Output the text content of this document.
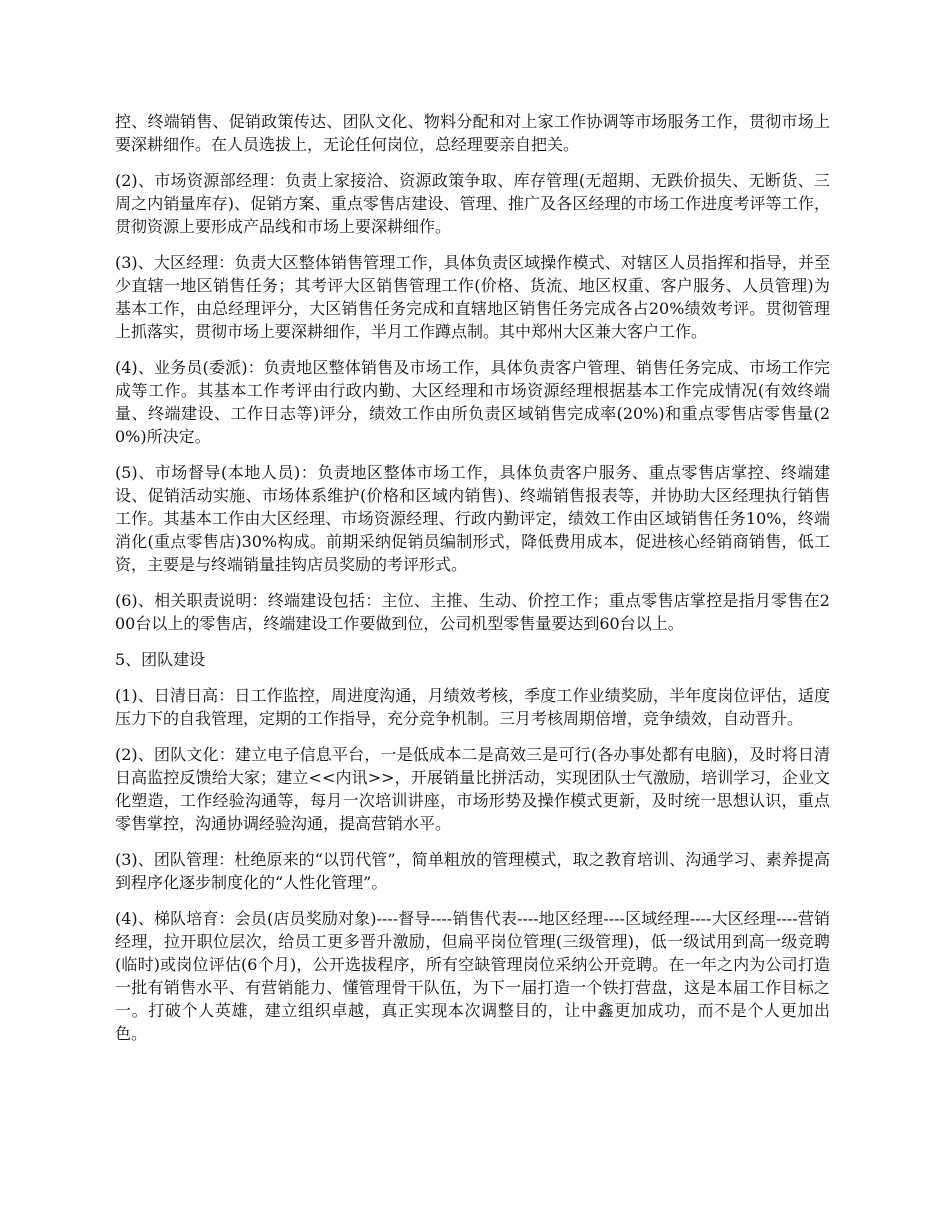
控、终端销售、促销政策传达、团队文化、物料分配和对上家工作协调等市场服务工作，贯彻市场上要深耕细作。在人员选拔上，无论任何岗位，总经理要亲自把关。

(2)、市场资源部经理：负责上家接洽、资源政策争取、库存管理(无超期、无跌价损失、无断货、三周之内销量库存)、促销方案、重点零售店建设、管理、推广及各区经理的市场工作进度考评等工作，贯彻资源上要形成产品线和市场上要深耕细作。

(3)、大区经理：负责大区整体销售管理工作，具体负责区域操作模式、对辖区人员指挥和指导，并至少直辖一地区销售任务；其考评大区销售管理工作(价格、货流、地区权重、客户服务、人员管理)为基本工作，由总经理评分，大区销售任务完成和直辖地区销售任务完成各占20%绩效考评。贯彻管理上抓落实，贯彻市场上要深耕细作，半月工作蹲点制。其中郑州大区兼大客户工作。

(4)、业务员(委派)：负责地区整体销售及市场工作，具体负责客户管理、销售任务完成、市场工作完成等工作。其基本工作考评由行政内勤、大区经理和市场资源经理根据基本工作完成情况(有效终端量、终端建设、工作日志等)评分，绩效工作由所负责区域销售完成率(20%)和重点零售店零售量(20%)所决定。

(5)、市场督导(本地人员)：负责地区整体市场工作，具体负责客户服务、重点零售店掌控、终端建设、促销活动实施、市场体系维护(价格和区域内销售)、终端销售报表等，并协助大区经理执行销售工作。其基本工作由大区经理、市场资源经理、行政内勤评定，绩效工作由区域销售任务10%，终端消化(重点零售店)30%构成。前期采纳促销员编制形式，降低费用成本，促进核心经销商销售，低工资，主要是与终端销量挂钩店员奖励的考评形式。

(6)、相关职责说明：终端建设包括：主位、主推、生动、价控工作；重点零售店掌控是指月零售在200台以上的零售店，终端建设工作要做到位，公司机型零售量要达到60台以上。

5、团队建设

(1)、日清日高：日工作监控，周进度沟通，月绩效考核，季度工作业绩奖励，半年度岗位评估，适度压力下的自我管理，定期的工作指导，充分竞争机制。三月考核周期倍增，竞争绩效，自动晋升。

(2)、团队文化：建立电子信息平台，一是低成本二是高效三是可行(各办事处都有电脑)，及时将日清日高监控反馈给大家；建立<<内讯>>，开展销量比拼活动，实现团队士气激励，培训学习，企业文化塑造，工作经验沟通等，每月一次培训讲座，市场形势及操作模式更新，及时统一思想认识，重点零售掌控，沟通协调经验沟通，提高营销水平。

(3)、团队管理：杜绝原来的“以罚代管”，简单粗放的管理模式，取之教育培训、沟通学习、素养提高到程序化逐步制度化的“人性化管理”。

(4)、梯队培育：会员(店员奖励对象)----督导----销售代表----地区经理----区域经理----大区经理----营销经理，拉开职位层次，给员工更多晋升激励，但扁平岗位管理(三级管理)，低一级试用到高一级竞聘(临时)或岗位评估(6个月)，公开选拔程序，所有空缺管理岗位采纳公开竞聘。在一年之内为公司打造一批有销售水平、有营销能力、懂管理骨干队伍，为下一届打造一个铁打营盘，这是本届工作目标之一。打破个人英雄，建立组织卓越，真正实现本次调整目的，让中鑫更加成功，而不是个人更加出色。
